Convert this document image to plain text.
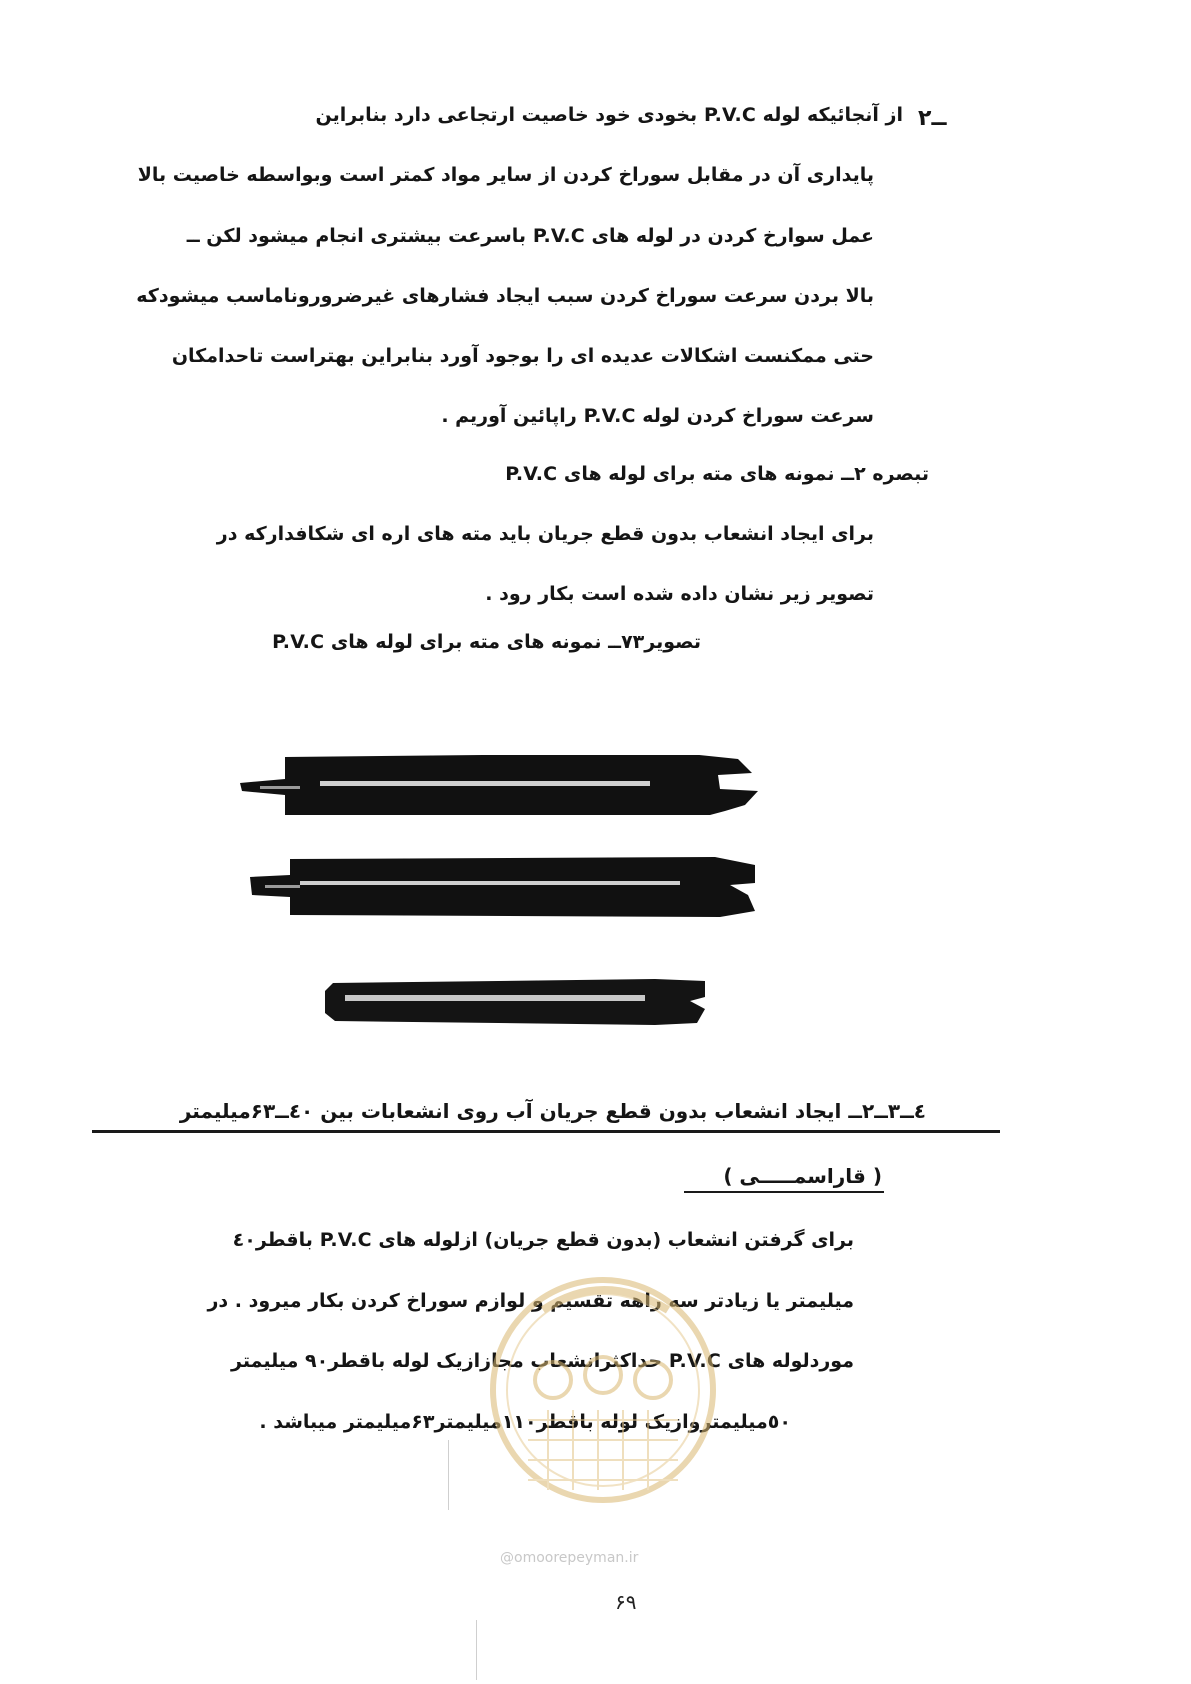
۲ــ
از آنجائیکه لوله P.V.C بخودی خود خاصیت ارتجاعی دارد بنابراین
پایداری آن در مقابل سوراخ کردن از سایر مواد کمتر است وبواسطه خاصیت بالا
عمل سوارخ کردن در لوله های P.V.C باسرعت بیشتری انجام میشود لکن ــ
بالا بردن سرعت سوراخ کردن سبب ایجاد فشارهای غیرضروروناماسب میشودکه
حتی ممکنست اشکالات عدیده ای را بوجود آورد بنابراین بهتراست تاحدامکان
سرعت سوراخ کردن لوله P.V.C راپائین آوریم .
تبصره ۲ــ نمونه های مته برای لوله های P.V.C
برای ایجاد انشعاب بدون قطع جریان باید مته های اره ای شکافدارکه در
تصویر زیر نشان داده شده است بکار رود .
تصویر۷۳ــ نمونه های مته برای لوله های P.V.C
٤ــ۳ــ۲ــ ایجاد انشعاب بدون قطع جریان آب روی انشعابات بین ٤٠ــ۶۳میلیمتر
( قاراسمـــــی )
برای گرفتن انشعاب (بدون قطع جریان) ازلوله های P.V.C باقطر٤٠
میلیمتر یا زیادتر سه راهه تقسیم و لوازم سوراخ کردن بکار میرود . در
موردلوله های P.V.C حداکثرانشعاب مجازازیک لوله باقطر٩٠ میلیمتر
٥٠میلیمتروازیک لوله باقطر١١٠میلیمتر۶۳میلیمتر میباشد .
@omoorepeyman.ir
۶۹
